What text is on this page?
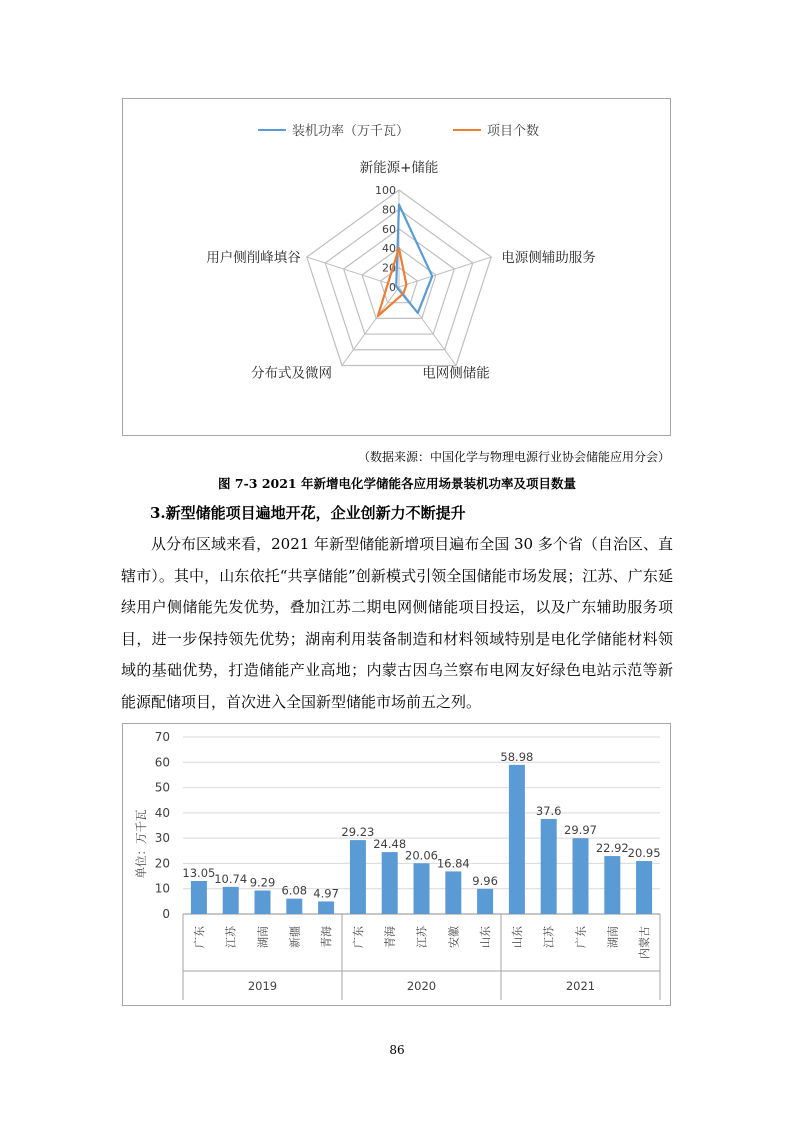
装机功率（万千瓦）	项目个数
0
20
40
60
80
100
新能源+储能
电源侧辅助服务
电网侧储能
分布式及微网
用户侧削峰填谷
（数据来源：中国化学与物理电源行业协会储能应用分会）
图 7-3 2021 年新增电化学储能各应用场景装机功率及项目数量
3.新型储能项目遍地开花，企业创新力不断提升
从分布区域来看，2021 年新型储能新增项目遍布全国 30 多个省（自治区、直辖市）。其中，山东依托“共享储能”创新模式引领全国储能市场发展；江苏、广东延续用户侧储能先发优势，叠加江苏二期电网侧储能项目投运，以及广东辅助服务项目，进一步保持领先优势；湖南利用装备制造和材料领域特别是电化学储能材料领域的基础优势，打造储能产业高地；内蒙古因乌兰察布电网友好绿色电站示范等新能源配储项目，首次进入全国新型储能市场前五之列。
0
10
20
30
40
50
60
70
13.05
10.74 9.29
6.08 4.97
29.23
24.48
20.06
16.84
9.96
58.98
37.6
29.97
22.92
20.95
广东 江苏 湖南 新疆 青海 广东 青海 江苏 安徽 山东 山东 江苏 广东 湖南 内蒙古
2019	2020	2021
单位：万千瓦
86
